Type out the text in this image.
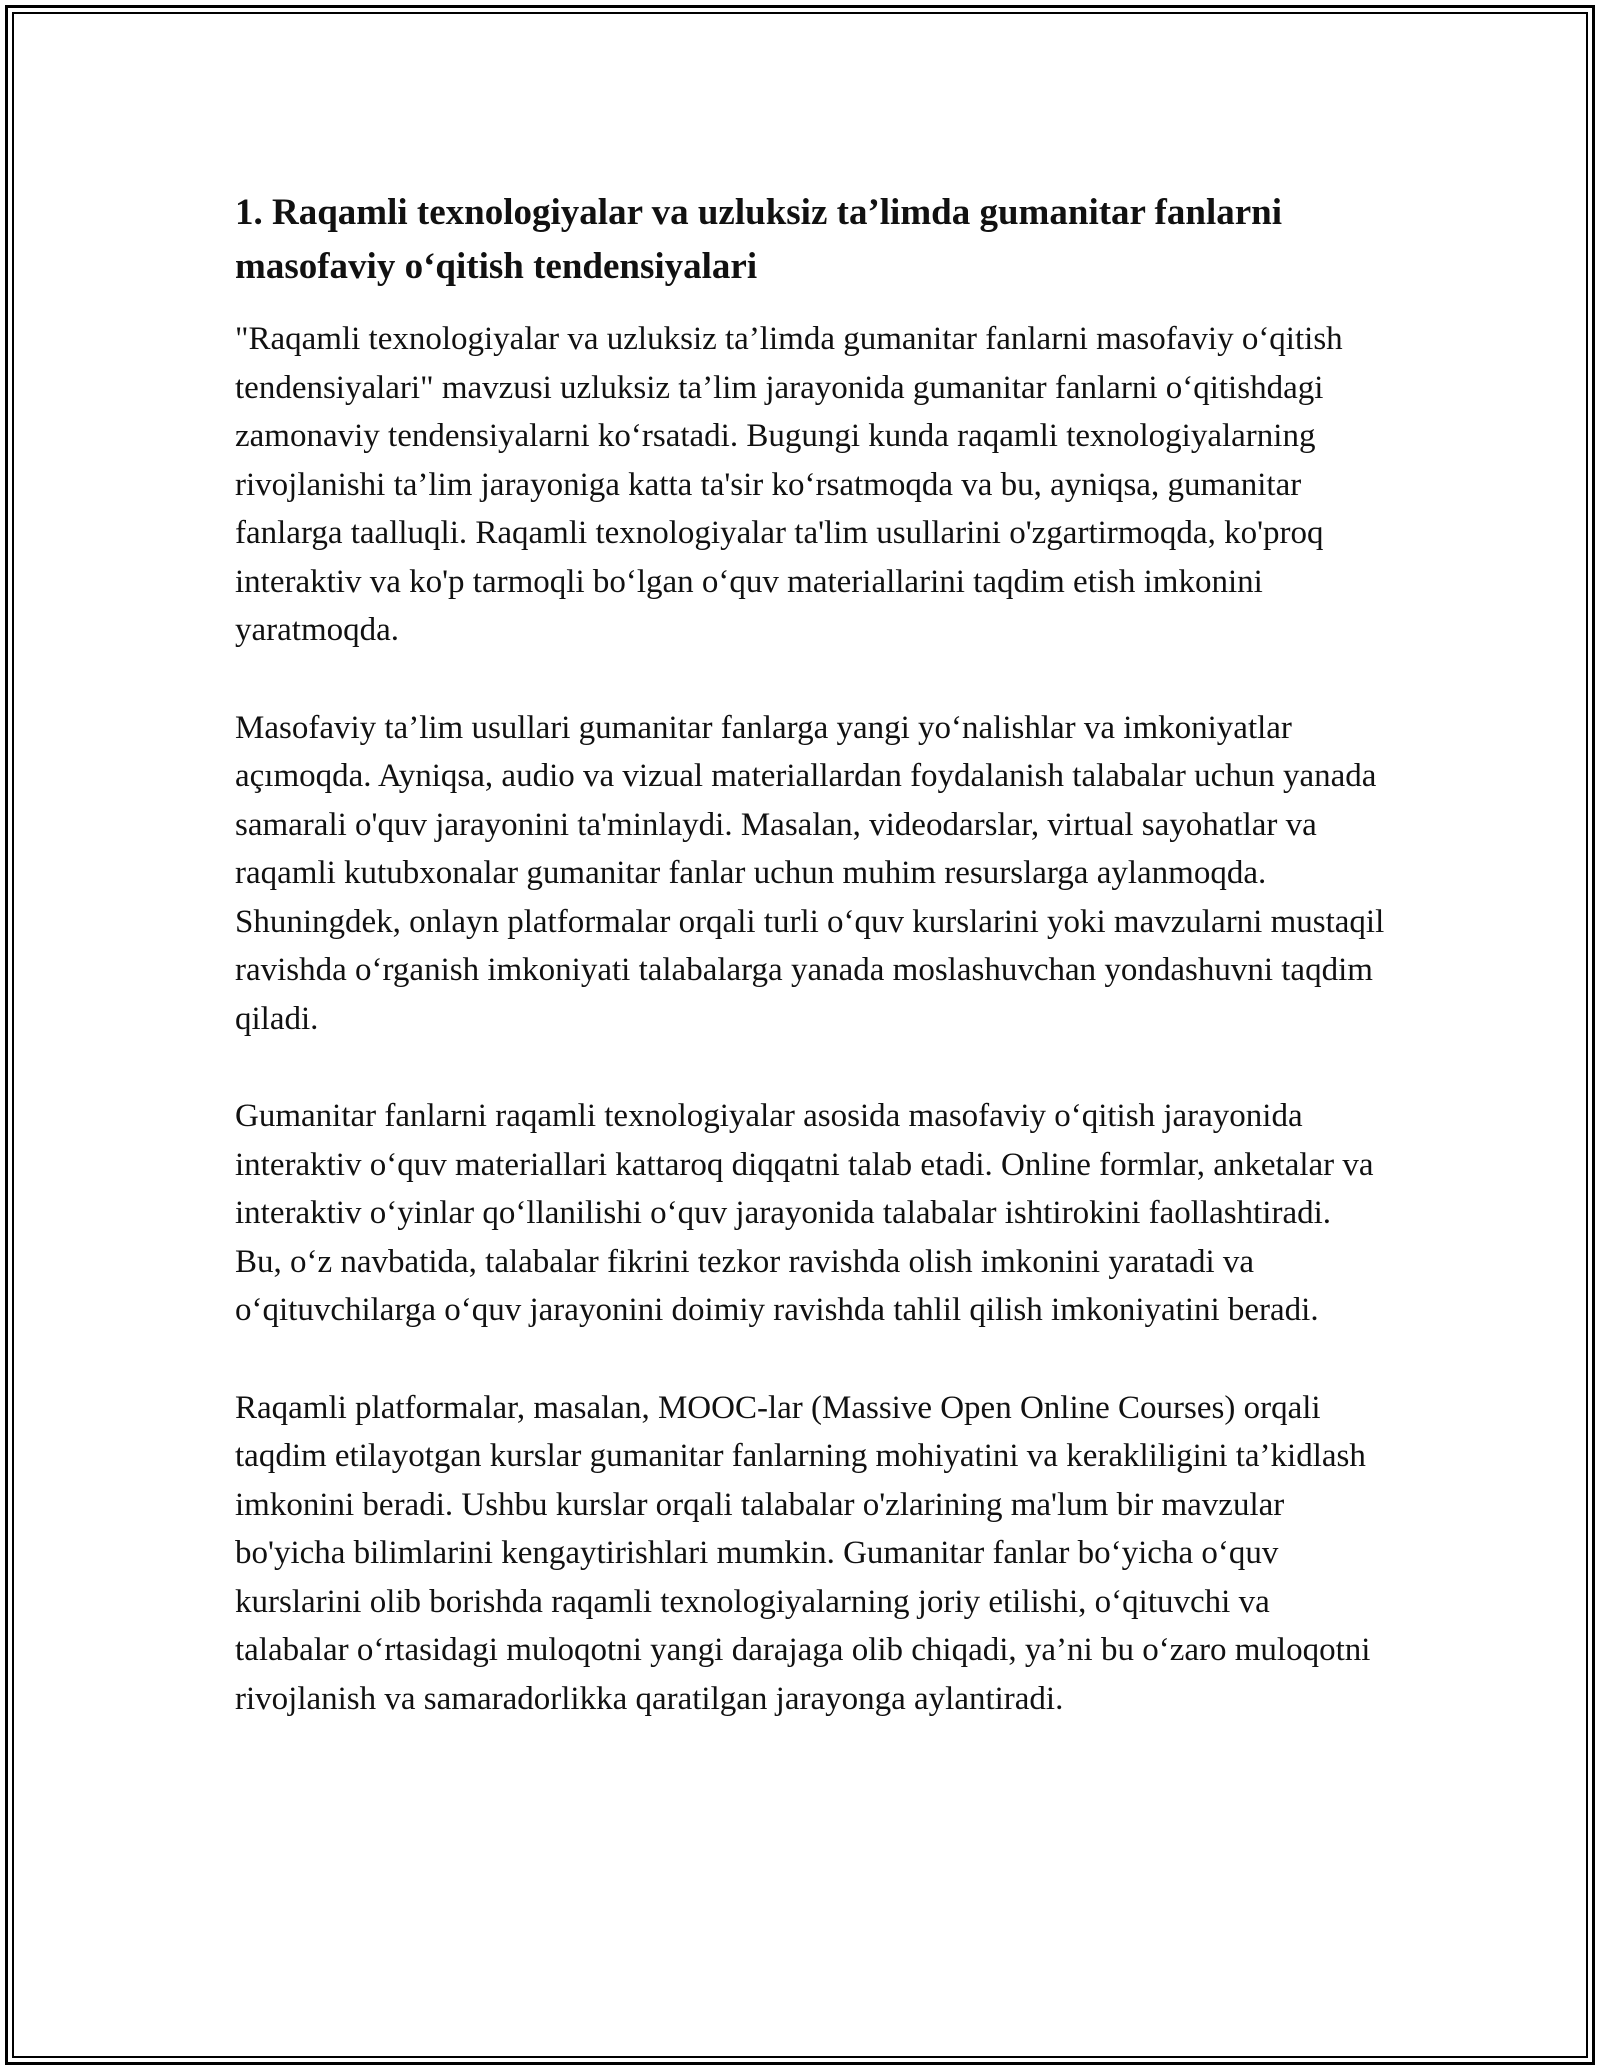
1. Raqamli texnologiyalar va uzluksiz ta’limda gumanitar fanlarni masofaviy o‘qitish tendensiyalari

"Raqamli texnologiyalar va uzluksiz ta’limda gumanitar fanlarni masofaviy o‘qitish tendensiyalari" mavzusi uzluksiz ta’lim jarayonida gumanitar fanlarni o‘qitishdagi zamonaviy tendensiyalarni ko‘rsatadi. Bugungi kunda raqamli texnologiyalarning rivojlanishi ta’lim jarayoniga katta ta'sir ko‘rsatmoqda va bu, ayniqsa, gumanitar fanlarga taalluqli. Raqamli texnologiyalar ta'lim usullarini o'zgartirmoqda, ko'proq interaktiv va ko'p tarmoqli bo‘lgan o‘quv materiallarini taqdim etish imkonini yaratmoqda.

Masofaviy ta’lim usullari gumanitar fanlarga yangi yo‘nalishlar va imkoniyatlar açımoqda. Ayniqsa, audio va vizual materiallardan foydalanish talabalar uchun yanada samarali o'quv jarayonini ta'minlaydi. Masalan, videodarslar, virtual sayohatlar va raqamli kutubxonalar gumanitar fanlar uchun muhim resurslarga aylanmoqda. Shuningdek, onlayn platformalar orqali turli o‘quv kurslarini yoki mavzularni mustaqil ravishda o‘rganish imkoniyati talabalarga yanada moslashuvchan yondashuvni taqdim qiladi.

Gumanitar fanlarni raqamli texnologiyalar asosida masofaviy o‘qitish jarayonida interaktiv o‘quv materiallari kattaroq diqqatni talab etadi. Online formlar, anketalar va interaktiv o‘yinlar qo‘llanilishi o‘quv jarayonida talabalar ishtirokini faollashtiradi. Bu, o‘z navbatida, talabalar fikrini tezkor ravishda olish imkonini yaratadi va o‘qituvchilarga o‘quv jarayonini doimiy ravishda tahlil qilish imkoniyatini beradi.

Raqamli platformalar, masalan, MOOC-lar (Massive Open Online Courses) orqali taqdim etilayotgan kurslar gumanitar fanlarning mohiyatini va kerakliligini ta’kidlash imkonini beradi. Ushbu kurslar orqali talabalar o'zlarining ma'lum bir mavzular bo'yicha bilimlarini kengaytirishlari mumkin. Gumanitar fanlar bo‘yicha o‘quv kurslarini olib borishda raqamli texnologiyalarning joriy etilishi, o‘qituvchi va talabalar o‘rtasidagi muloqotni yangi darajaga olib chiqadi, ya’ni bu o‘zaro muloqotni rivojlanish va samaradorlikka qaratilgan jarayonga aylantiradi.
